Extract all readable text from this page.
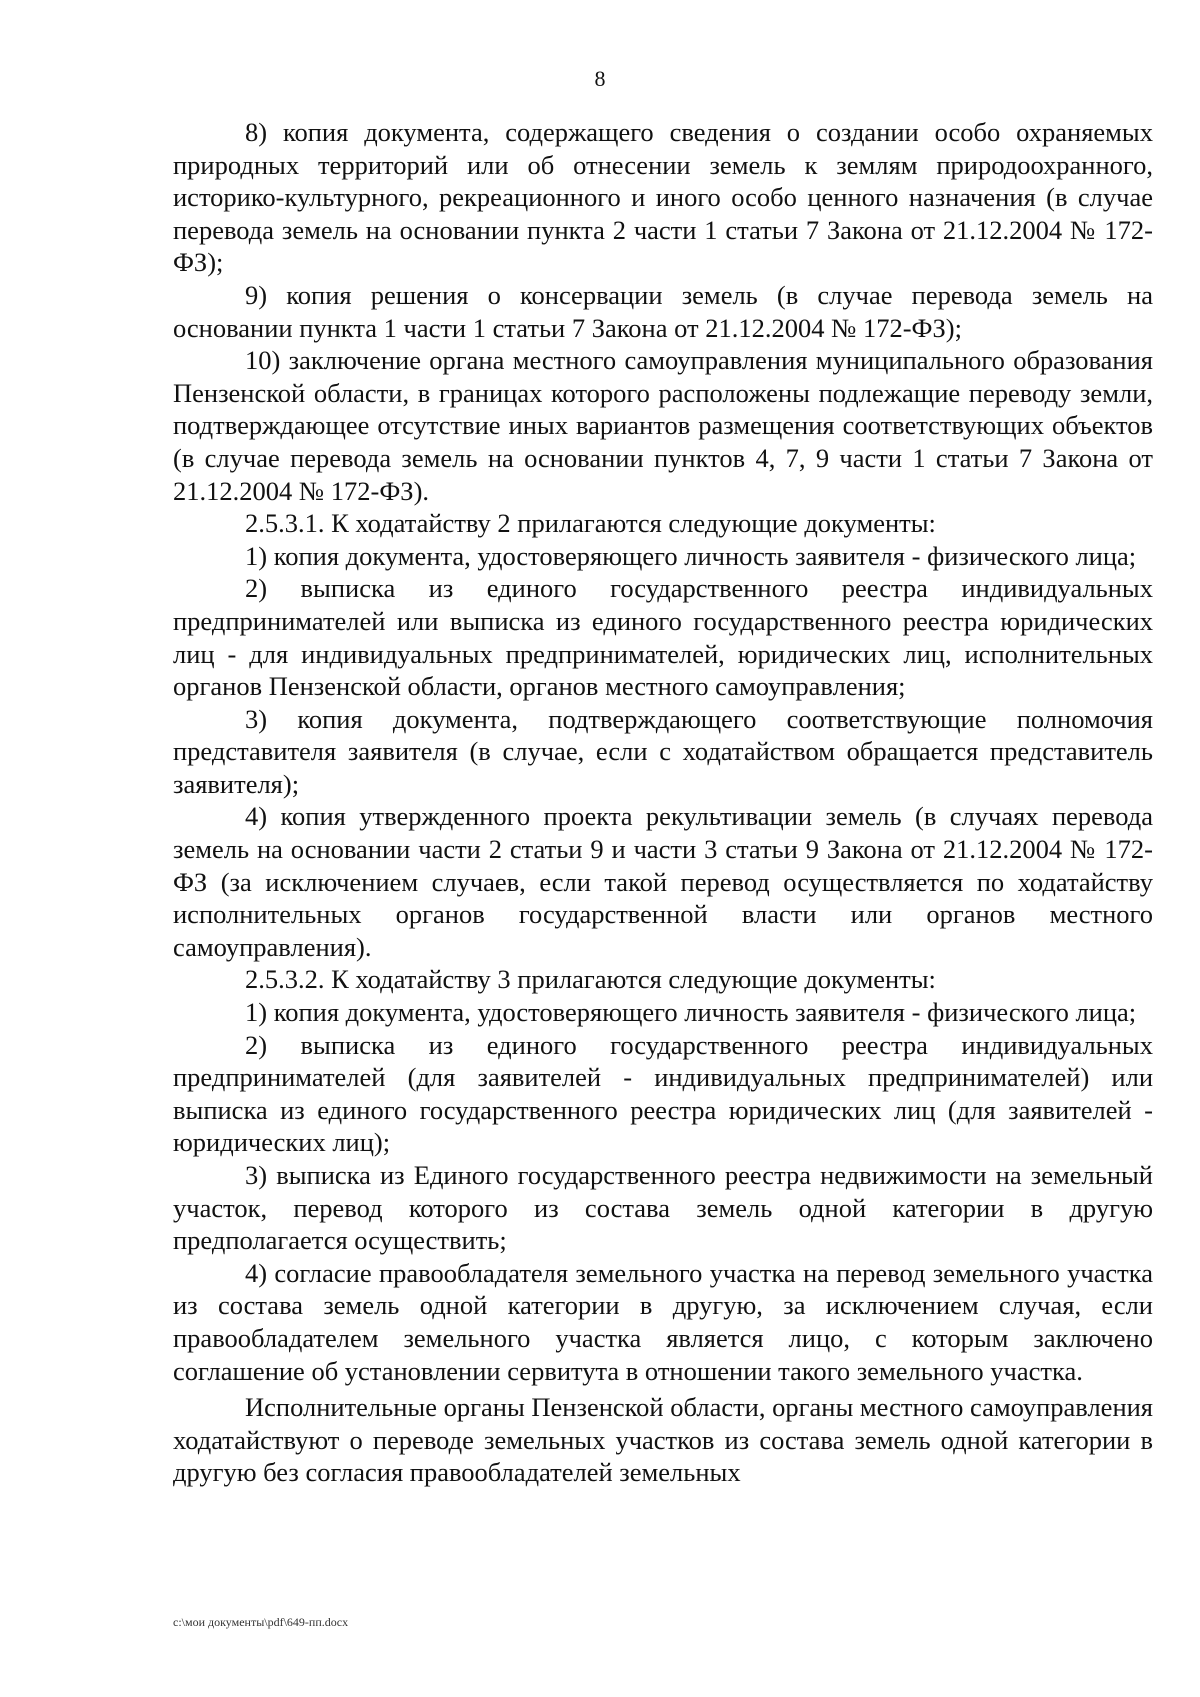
8

8) копия документа, содержащего сведения о создании особо охраняемых природных территорий или об отнесении земель к землям природоохранного, историко-культурного, рекреационного и иного особо ценного назначения (в случае перевода земель на основании пункта 2 части 1 статьи 7 Закона от 21.12.2004 № 172-ФЗ);

9) копия решения о консервации земель (в случае перевода земель на основании пункта 1 части 1 статьи 7 Закона от 21.12.2004 № 172-ФЗ);

10) заключение органа местного самоуправления муниципального образования Пензенской области, в границах которого расположены подлежащие переводу земли, подтверждающее отсутствие иных вариантов размещения соответствующих объектов (в случае перевода земель на основании пунктов 4, 7, 9 части 1 статьи 7 Закона от 21.12.2004 № 172-ФЗ).

2.5.3.1. К ходатайству 2 прилагаются следующие документы:

1) копия документа, удостоверяющего личность заявителя - физического лица;

2) выписка из единого государственного реестра индивидуальных предпринимателей или выписка из единого государственного реестра юридических лиц - для индивидуальных предпринимателей, юридических лиц, исполнительных органов Пензенской области, органов местного самоуправления;

3) копия документа, подтверждающего соответствующие полномочия представителя заявителя (в случае, если с ходатайством обращается представитель заявителя);

4) копия утвержденного проекта рекультивации земель (в случаях перевода земель на основании части 2 статьи 9 и части 3 статьи 9 Закона от 21.12.2004 № 172-ФЗ (за исключением случаев, если такой перевод осуществляется по ходатайству исполнительных органов государственной власти или органов местного самоуправления).

2.5.3.2. К ходатайству 3 прилагаются следующие документы:

1) копия документа, удостоверяющего личность заявителя - физического лица;

2) выписка из единого государственного реестра индивидуальных предпринимателей (для заявителей - индивидуальных предпринимателей) или выписка из единого государственного реестра юридических лиц (для заявителей - юридических лиц);

3) выписка из Единого государственного реестра недвижимости на земельный участок, перевод которого из состава земель одной категории в другую предполагается осуществить;

4) согласие правообладателя земельного участка на перевод земельного участка из состава земель одной категории в другую, за исключением случая, если правообладателем земельного участка является лицо, с которым заключено соглашение об установлении сервитута в отношении такого земельного участка.

Исполнительные органы Пензенской области, органы местного самоуправления ходатайствуют о переводе земельных участков из состава земель одной категории в другую без согласия правообладателей земельных

c:\мои документы\pdf\649-пп.docx
